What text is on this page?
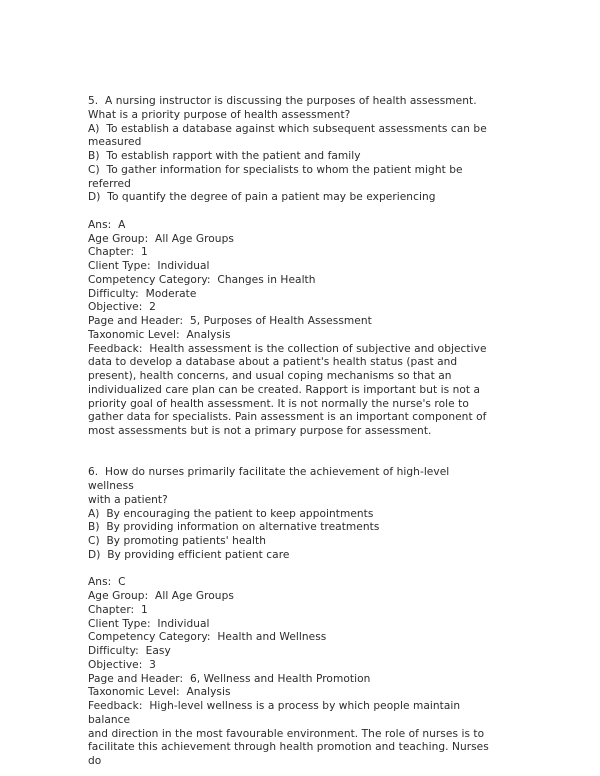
5.  A nursing instructor is discussing the purposes of health assessment.
What is a priority purpose of health assessment?
A)  To establish a database against which subsequent assessments can be
measured
B)  To establish rapport with the patient and family
C)  To gather information for specialists to whom the patient might be
referred
D)  To quantify the degree of pain a patient may be experiencing
Ans:  A
Age Group:  All Age Groups
Chapter:  1
Client Type:  Individual
Competency Category:  Changes in Health
Difficulty:  Moderate
Objective:  2
Page and Header:  5, Purposes of Health Assessment
Taxonomic Level:  Analysis
Feedback:  Health assessment is the collection of subjective and objective
data to develop a database about a patient's health status (past and
present), health concerns, and usual coping mechanisms so that an
individualized care plan can be created. Rapport is important but is not a
priority goal of health assessment. It is not normally the nurse's role to
gather data for specialists. Pain assessment is an important component of
most assessments but is not a primary purpose for assessment.
6.  How do nurses primarily facilitate the achievement of high-level wellness
with a patient?
A)  By encouraging the patient to keep appointments
B)  By providing information on alternative treatments
C)  By promoting patients' health
D)  By providing efficient patient care
Ans:  C
Age Group:  All Age Groups
Chapter:  1
Client Type:  Individual
Competency Category:  Health and Wellness
Difficulty:  Easy
Objective:  3
Page and Header:  6, Wellness and Health Promotion
Taxonomic Level:  Analysis
Feedback:  High-level wellness is a process by which people maintain balance
and direction in the most favourable environment. The role of nurses is to
facilitate this achievement through health promotion and teaching. Nurses do
